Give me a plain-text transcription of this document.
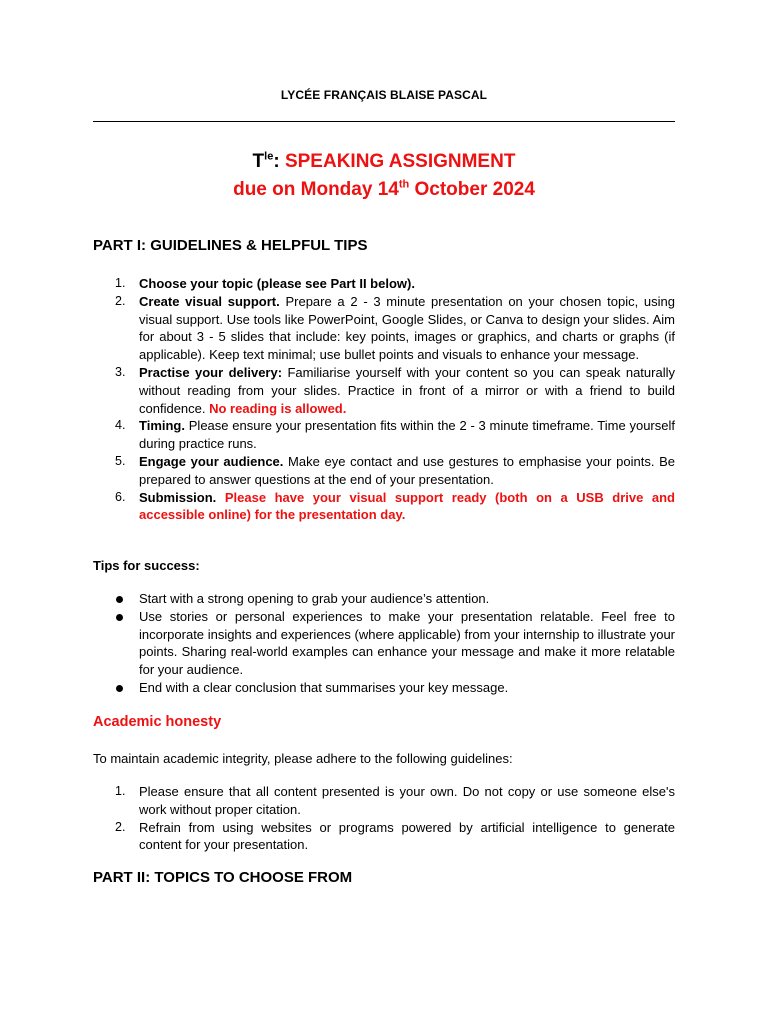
LYCÉE FRANÇAIS BLAISE PASCAL
$T^{le}$: SPEAKING ASSIGNMENT
due on Monday 14th October 2024
PART I: GUIDELINES & HELPFUL TIPS
1. Choose your topic (please see Part II below).
2. Create visual support. Prepare a 2 - 3 minute presentation on your chosen topic, using visual support. Use tools like PowerPoint, Google Slides, or Canva to design your slides. Aim for about 3 - 5 slides that include: key points, images or graphics, and charts or graphs (if applicable). Keep text minimal; use bullet points and visuals to enhance your message.
3. Practise your delivery: Familiarise yourself with your content so you can speak naturally without reading from your slides. Practice in front of a mirror or with a friend to build confidence. No reading is allowed.
4. Timing. Please ensure your presentation fits within the 2 - 3 minute timeframe. Time yourself during practice runs.
5. Engage your audience. Make eye contact and use gestures to emphasise your points. Be prepared to answer questions at the end of your presentation.
6. Submission. Please have your visual support ready (both on a USB drive and accessible online) for the presentation day.
Tips for success:
Start with a strong opening to grab your audience’s attention.
Use stories or personal experiences to make your presentation relatable. Feel free to incorporate insights and experiences (where applicable) from your internship to illustrate your points. Sharing real-world examples can enhance your message and make it more relatable for your audience.
End with a clear conclusion that summarises your key message.
Academic honesty
To maintain academic integrity, please adhere to the following guidelines:
1. Please ensure that all content presented is your own. Do not copy or use someone else's work without proper citation.
2. Refrain from using websites or programs powered by artificial intelligence to generate content for your presentation.
PART II: TOPICS TO CHOOSE FROM
